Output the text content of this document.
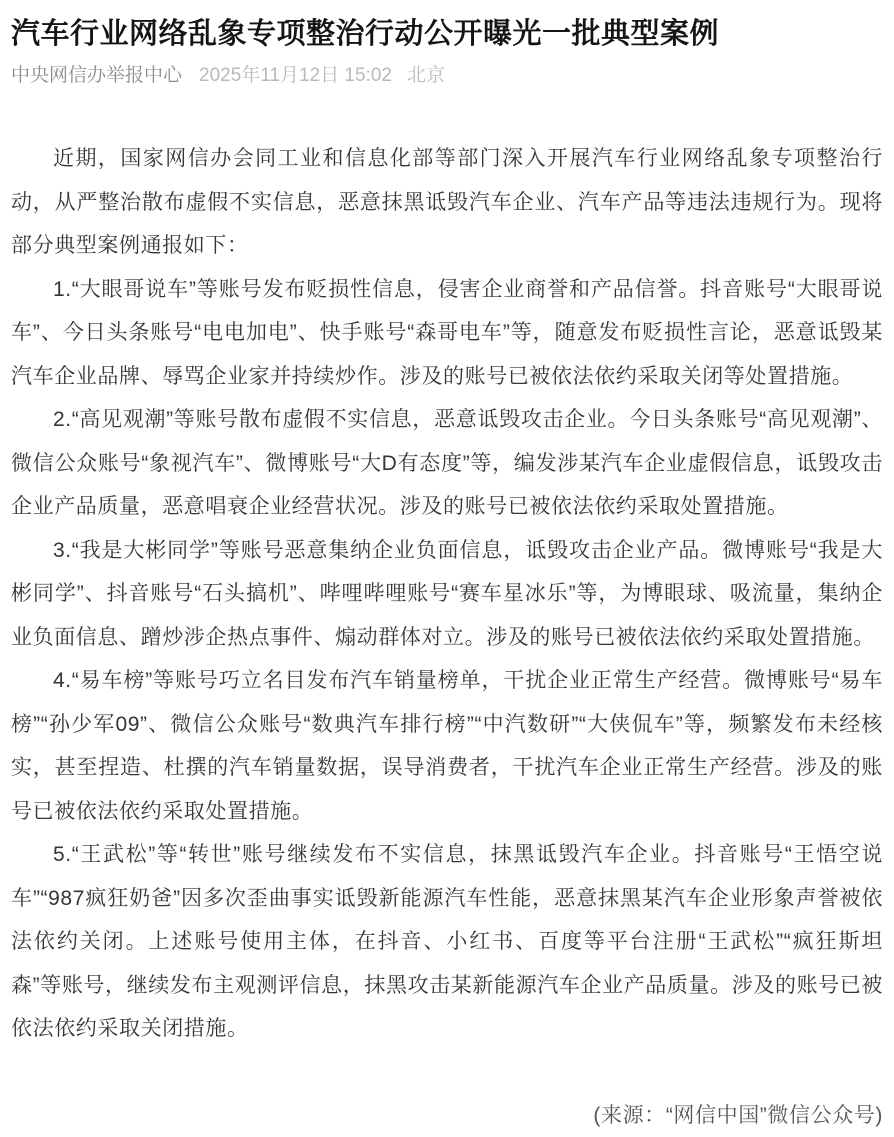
汽车行业网络乱象专项整治行动公开曝光一批典型案例
中央网信办举报中心 2025年11月12日 15:02 北京

近期，国家网信办会同工业和信息化部等部门深入开展汽车行业网络乱象专项整治行动，从严整治散布虚假不实信息，恶意抹黑诋毁汽车企业、汽车产品等违法违规行为。现将部分典型案例通报如下：

1.“大眼哥说车”等账号发布贬损性信息，侵害企业商誉和产品信誉。抖音账号“大眼哥说车”、今日头条账号“电电加电”、快手账号“森哥电车”等，随意发布贬损性言论，恶意诋毁某汽车企业品牌、辱骂企业家并持续炒作。涉及的账号已被依法依约采取关闭等处置措施。

2.“高见观潮”等账号散布虚假不实信息，恶意诋毁攻击企业。今日头条账号“高见观潮”、微信公众账号“象视汽车”、微博账号“大D有态度”等，编发涉某汽车企业虚假信息，诋毁攻击企业产品质量，恶意唱衰企业经营状况。涉及的账号已被依法依约采取处置措施。

3.“我是大彬同学”等账号恶意集纳企业负面信息，诋毁攻击企业产品。微博账号“我是大彬同学”、抖音账号“石头搞机”、哔哩哔哩账号“赛车星冰乐”等，为博眼球、吸流量，集纳企业负面信息、蹭炒涉企热点事件、煽动群体对立。涉及的账号已被依法依约采取处置措施。

4.“易车榜”等账号巧立名目发布汽车销量榜单，干扰企业正常生产经营。微博账号“易车榜”“孙少军09”、微信公众账号“数典汽车排行榜”“中汽数研”“大侠侃车”等，频繁发布未经核实，甚至捏造、杜撰的汽车销量数据，误导消费者，干扰汽车企业正常生产经营。涉及的账号已被依法依约采取处置措施。

5.“王武松”等“转世”账号继续发布不实信息，抹黑诋毁汽车企业。抖音账号“王悟空说车”“987疯狂奶爸”因多次歪曲事实诋毁新能源汽车性能，恶意抹黑某汽车企业形象声誉被依法依约关闭。上述账号使用主体，在抖音、小红书、百度等平台注册“王武松”“疯狂斯坦森”等账号，继续发布主观测评信息，抹黑攻击某新能源汽车企业产品质量。涉及的账号已被依法依约采取关闭措施。

(来源：“网信中国”微信公众号)
